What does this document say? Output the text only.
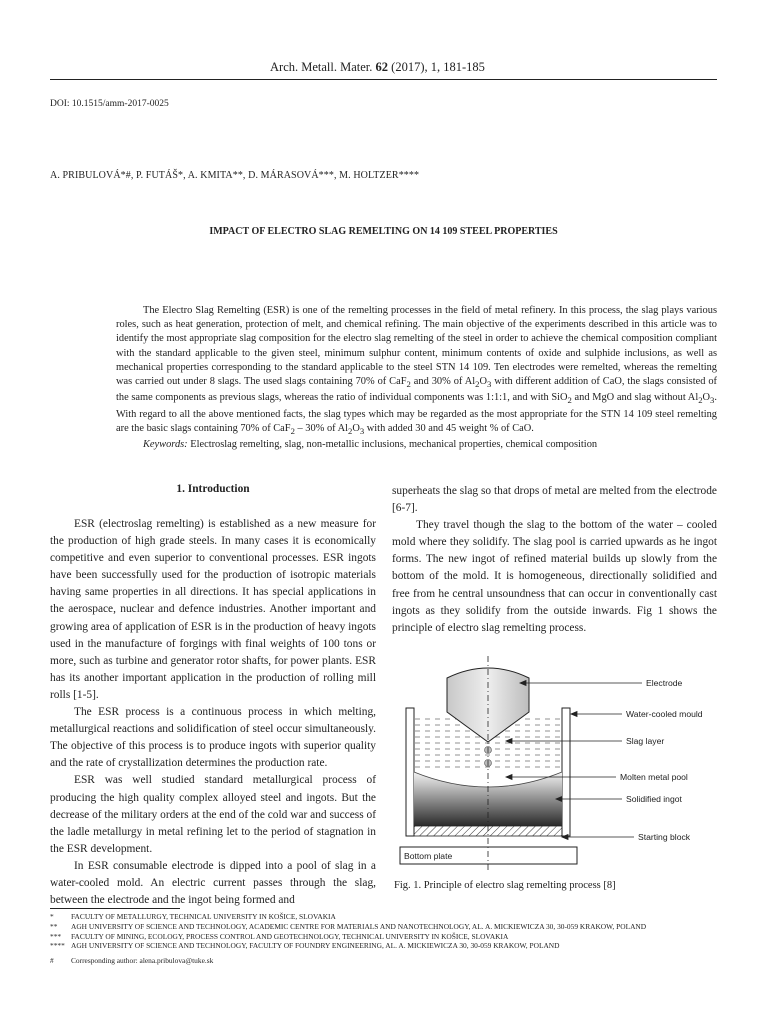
Arch. Metall. Mater. 62 (2017), 1, 181-185
DOI: 10.1515/amm-2017-0025
A. PRIBULOVÁ*#, P. FUTÁŠ*, A. KMITA**, D. MÁRASOVÁ***, M. HOLTZER****
IMPACT OF ELECTRO SLAG REMELTING ON 14 109 STEEL PROPERTIES

The Electro Slag Remelting (ESR) is one of the remelting processes in the field of metal refinery. In this process, the slag plays various roles, such as heat generation, protection of melt, and chemical refining. The main objective of the experiments described in this article was to identify the most appropriate slag composition for the electro slag remelting of the steel in order to achieve the chemical composition compliant with the standard applicable to the given steel, minimum sulphur content, minimum contents of oxide and sulphide inclusions, as well as mechanical properties corresponding to the standard applicable to the steel STN 14 109. Ten electrodes were remelted, whereas the remelting was carried out under 8 slags. The used slags containing 70% of CaF$_2$ and 30% of $Al_2O_3$ with different addition of CaO, the slags consisted of the same components as previous slags, whereas the ratio of individual components was 1:1:1, and with SiO$_2$ and MgO and slag without $Al_2O_3$. With regard to all the above mentioned facts, the slag types which may be regarded as the most appropriate for the STN 14 109 steel remelting are the basic slags containing 70% of CaF$_2$ – 30% of $Al_2O_3$ with added 30 and 45 weight % of CaO.

Keywords: Electroslag remelting, slag, non-metallic inclusions, mechanical properties, chemical composition

1. Introduction

ESR (electroslag remelting) is established as a new measure for the production of high grade steels. In many cases it is economically competitive and even superior to conventional processes. ESR ingots have been successfully used for the production of isotropic materials having same properties in all directions. It has special applications in the aerospace, nuclear and defence industries. Another important and growing area of application of ESR is in the production of heavy ingots used in the manufacture of forgings with final weights of 100 tons or more, such as turbine and generator rotor shafts, for power plants. ESR has its another important application in the production of rolling mill rolls [1-5].

The ESR process is a continuous process in which melting, metallurgical reactions and solidification of steel occur simultaneously. The objective of this process is to produce ingots with superior quality and the rate of crystallization determines the production rate.

ESR was well studied standard metallurgical process of producing the high quality complex alloyed steel and ingots. But the decrease of the military orders at the end of the cold war and success of the ladle metallurgy in metal refining let to the period of stagnation in the ESR development.

In ESR consumable electrode is dipped into a pool of slag in a water-cooled mold. An electric current passes through the slag, between the electrode and the ingot being formed and

superheats the slag so that drops of metal are melted from the electrode [6-7].

They travel though the slag to the bottom of the water – cooled mold where they solidify. The slag pool is carried upwards as he ingot forms. The new ingot of refined material builds up slowly from the bottom of the mold. It is homogeneous, directionally solidified and free from he central unsoundness that can occur in conventionally cast ingots as they solidify from the outside inwards. Fig 1 shows the principle of electro slag remelting process.

Electrode
Water-cooled mould
Slag layer
Molten metal pool
Solidified ingot
Starting block
Bottom plate
Fig. 1. Principle of electro slag remelting process [8]
*	FACULTY OF METALLURGY, TECHNICAL UNIVERSITY IN KOŠICE, SLOVAKIA
**	AGH UNIVERSITY OF SCIENCE AND TECHNOLOGY, ACADEMIC CENTRE FOR MATERIALS AND NANOTECHNOLOGY, AL. A. MICKIEWICZA 30, 30-059 KRAKOW, POLAND
***	FACULTY OF MINING, ECOLOGY, PROCESS CONTROL AND GEOTECHNOLOGY, TECHNICAL UNIVERSITY IN KOŠICE, SLOVAKIA
**** AGH UNIVERSITY OF SCIENCE AND TECHNOLOGY, FACULTY OF FOUNDRY ENGINEERING, AL. A. MICKIEWICZA 30, 30-059 KRAKOW, POLAND
#	Corresponding author: alena.pribulova@tuke.sk
